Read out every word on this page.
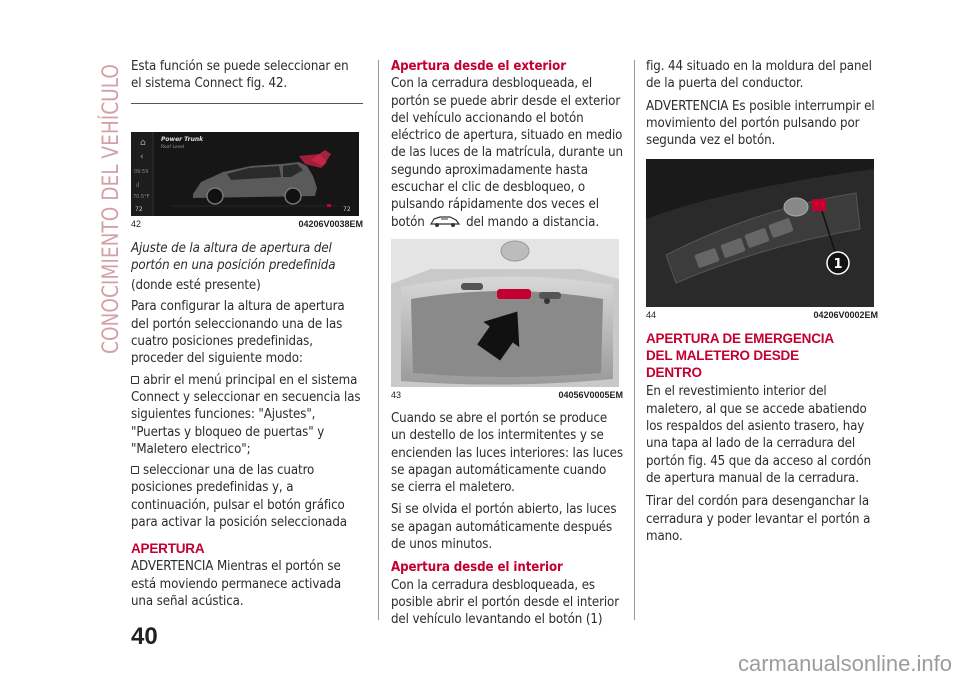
CONOCIMIENTO DEL VEHÍCULO Esta función se puede seleccionar en el sistema Connect fig. 42.

⌂
‹
09:59
ıl
70.5°F
72	72
Power Trunk
Roof Level
42	04206V0038EM

Ajuste de la altura de apertura del portón en una posición predefinida

(donde esté presente)

Para configurar la altura de apertura del portón seleccionando una de las cuatro posiciones predefinidas, proceder del siguiente modo:

abrir el menú principal en el sistema Connect y seleccionar en secuencia las siguientes funciones: "Ajustes", "Puertas y bloqueo de puertas" y "Maletero electrico";

seleccionar una de las cuatro posiciones predefinidas y, a continuación, pulsar el botón gráfico para activar la posición seleccionada

APERTURA

ADVERTENCIA Mientras el portón se está moviendo permanece activada una señal acústica.

Apertura desde el exterior

Con la cerradura desbloqueada, el portón se puede abrir desde el exterior del vehículo accionando el botón eléctrico de apertura, situado en medio de las luces de la matrícula, durante un segundo aproximadamente hasta escuchar el clic de desbloqueo, o pulsando rápidamente dos veces el botón	del mando a distancia.

43	04056V0005EM

Cuando se abre el portón se produce un destello de los intermitentes y se encienden las luces interiores: las luces se apagan automáticamente cuando se cierra el maletero.

Si se olvida el portón abierto, las luces se apagan automáticamente después de unos minutos.

Apertura desde el interior

Con la cerradura desbloqueada, es posible abrir el portón desde el interior del vehículo levantando el botón (1)

fig. 44 situado en la moldura del panel de la puerta del conductor.

ADVERTENCIA Es posible interrumpir el movimiento del portón pulsando por segunda vez el botón.

1
44	04206V0002EM

APERTURA DE EMERGENCIA DEL MALETERO DESDE DENTRO

En el revestimiento interior del maletero, al que se accede abatiendo los respaldos del asiento trasero, hay una tapa al lado de la cerradura del portón fig. 45 que da acceso al cordón de apertura manual de la cerradura.

Tirar del cordón para desenganchar la cerradura y poder levantar el portón a mano.

40
carmanualsonline.info
